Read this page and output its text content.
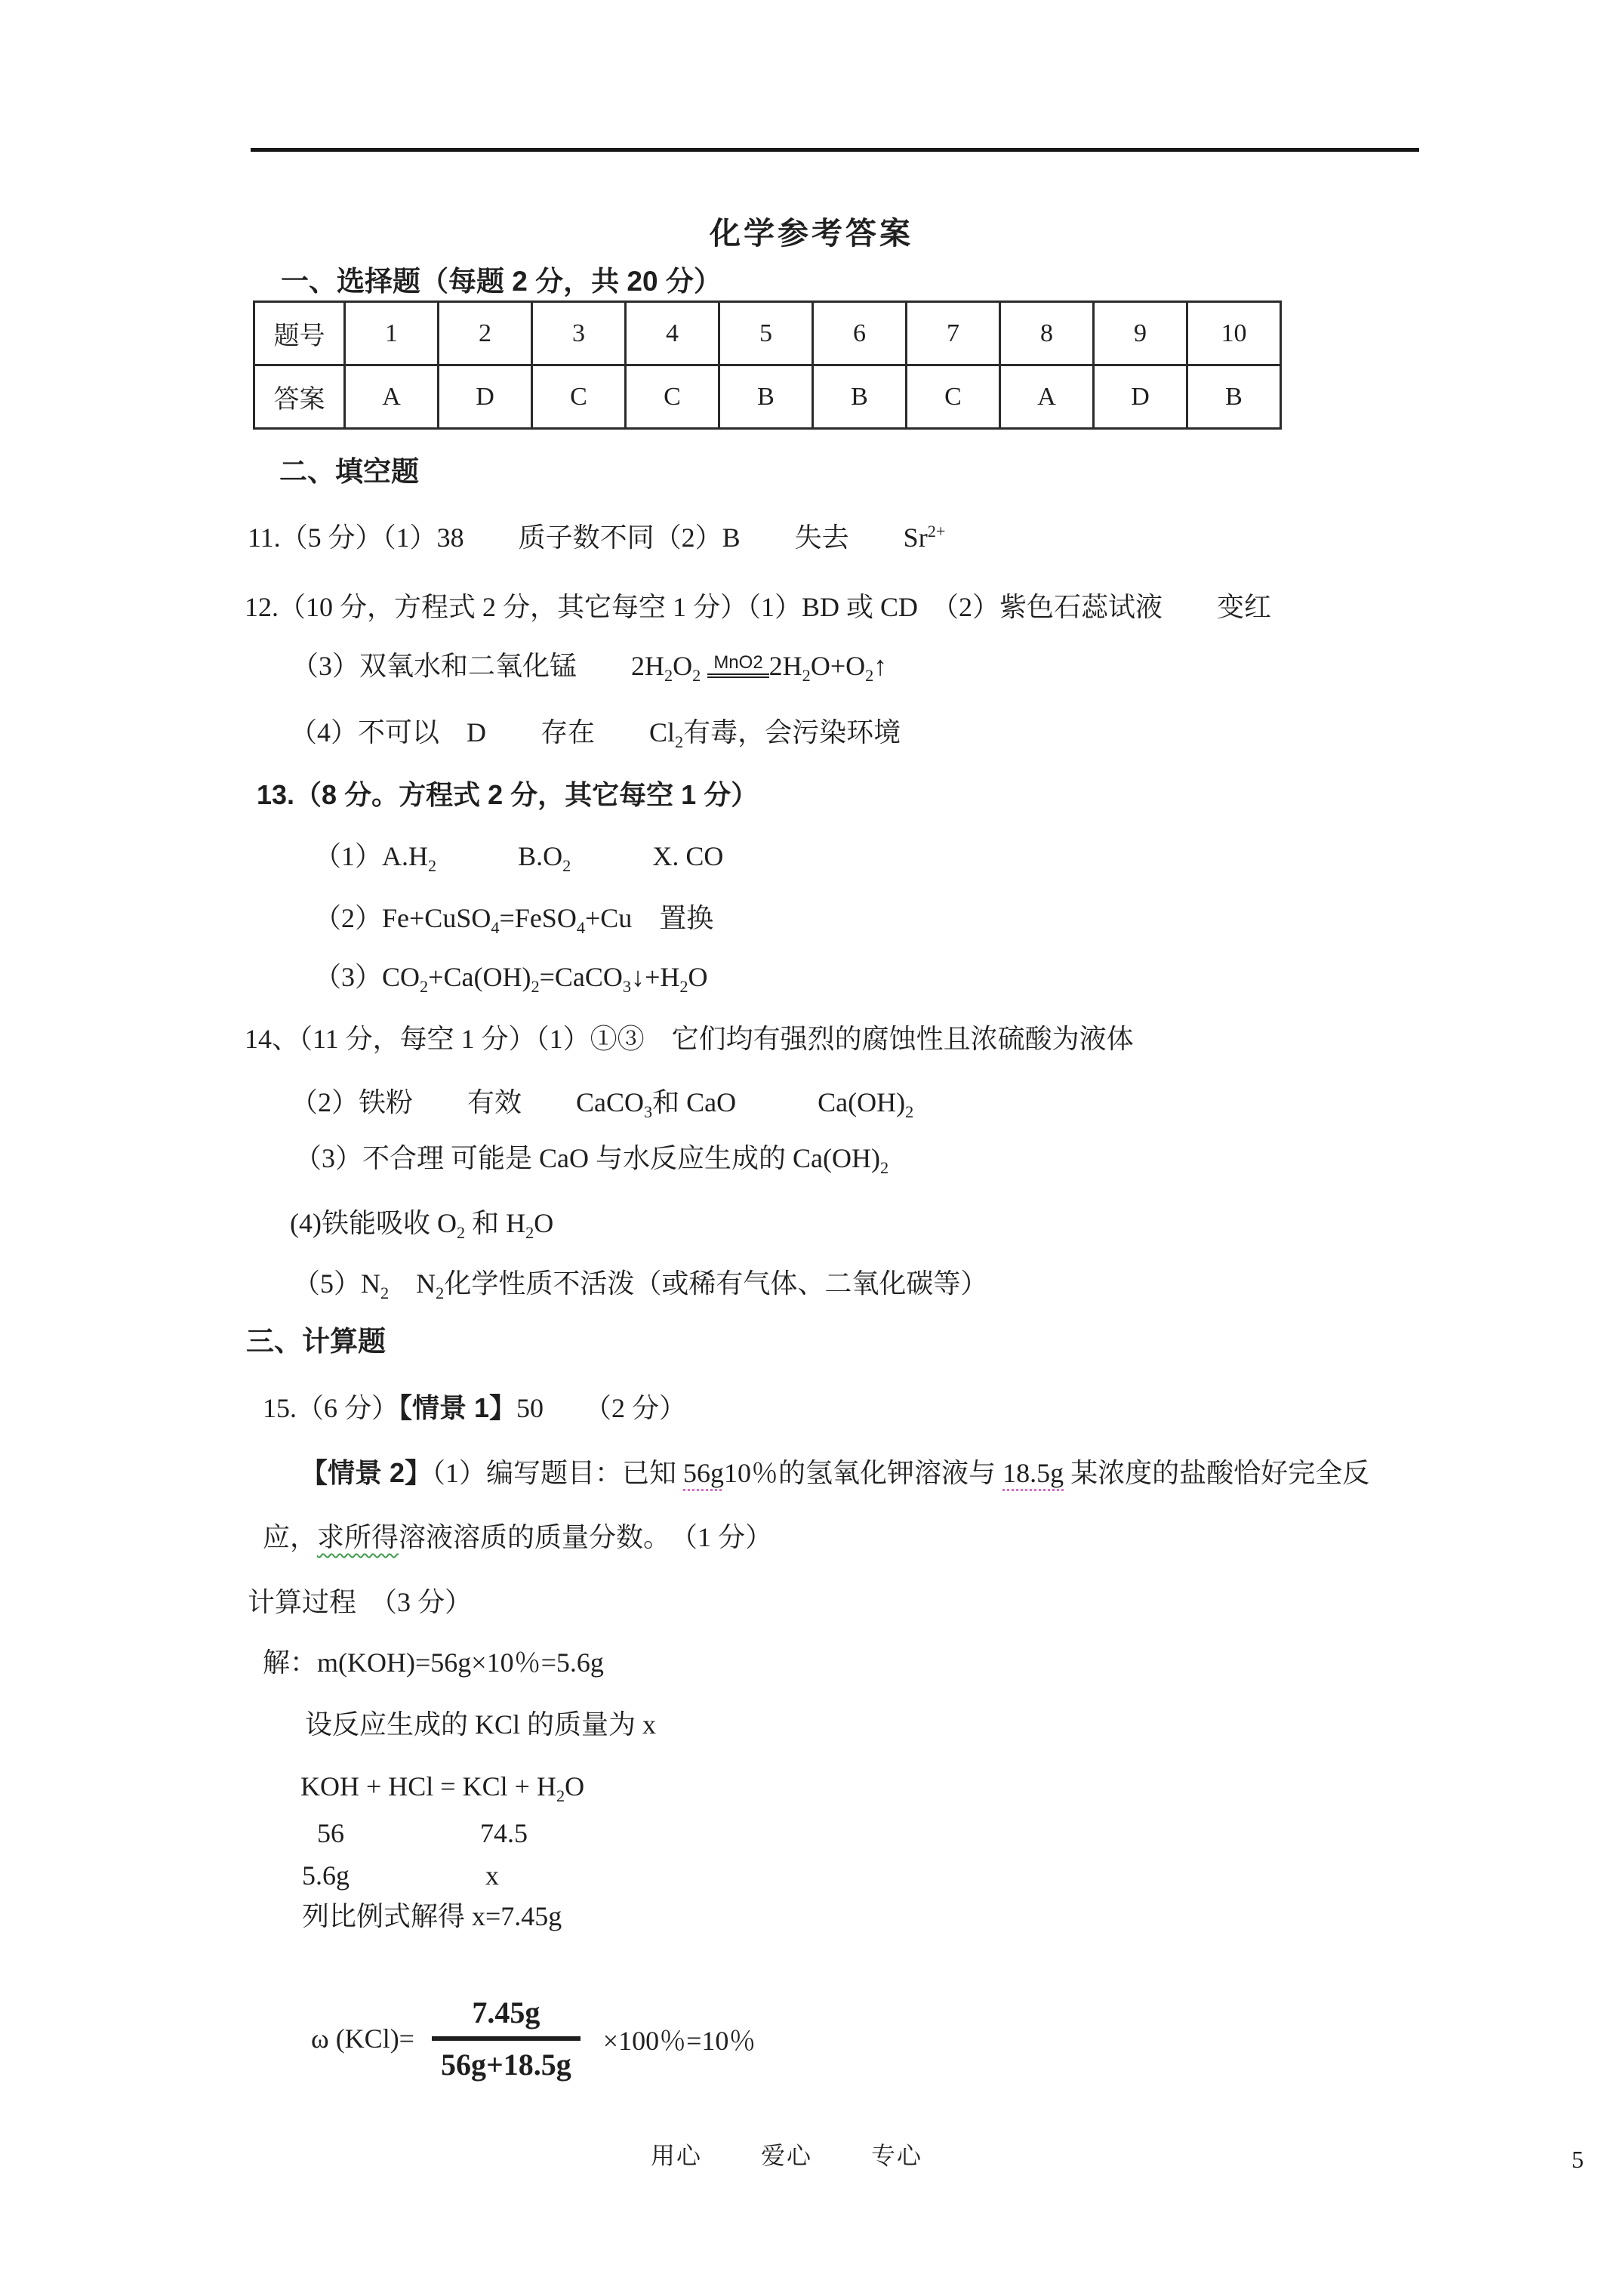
化学参考答案
一、选择题（每题 2 分，共 20 分）
题号	1	2	3	4	5	6	7	8	9	10
答案	A	D	C	C	B	B	C	A	D	B
二、填空题
11.（5 分）（1）38　　质子数不同（2）B　　失去　　$Sr^{2+}$
12.（10 分，方程式 2 分，其它每空 1 分）（1）BD 或 CD　（2）紫色石蕊试液　　变红
（3）双氧水和二氧化锰　　$2H_2O_2$ $^{MnO2}$ $2H_2O+O_2↑$
（4）不可以　D　　存在　　$Cl_2$有毒，会污染环境
13.（8 分。方程式 2 分，其它每空 1 分）
$(1)A.H_2$　　　$B.O_2$　　　X. CO
（2）Fe+CuSO$_4$=FeSO$_4$+Cu　置换
$(3)CO_2+Ca(OH)_2=CaCO_3↓+H_2O$
14、（11 分，每空 1 分）（1）①③　它们均有强烈的腐蚀性且浓硫酸为液体
（2）铁粉　　有效　　CaCO$_3$和 CaO　　　$Ca(OH)_2$
（3）不合理 可能是 CaO 与水反应生成的 $Ca(OH)_2$
(4)铁能吸收 $O_2$ 和 $H_2O$
$(5)N_2$　$N_2$化学性质不活泼（或稀有气体、二氧化碳等）
三、计算题
15.（6 分）【情景 1】50　　（2 分）
【情景 2】（1）编写题目：已知 56g10％的氢氧化钾溶液与 18.5g 某浓度的盐酸恰好完全反
应，求所得溶液溶质的质量分数。　（1 分）
计算过程　（3 分）
解：m(KOH)=56g×10％=5.6g
设反应生成的 KCl 的质量为 x
KOH + HCl = KCl + $H_2O$
56　　　　　74.5
5.6g　　　　　x
列比例式解得 x=7.45g
ω $(KCl)= \frac{7.45g}{56g+18.5g} \times 100$％=10％
用心　　 爱心　　 专心	5
